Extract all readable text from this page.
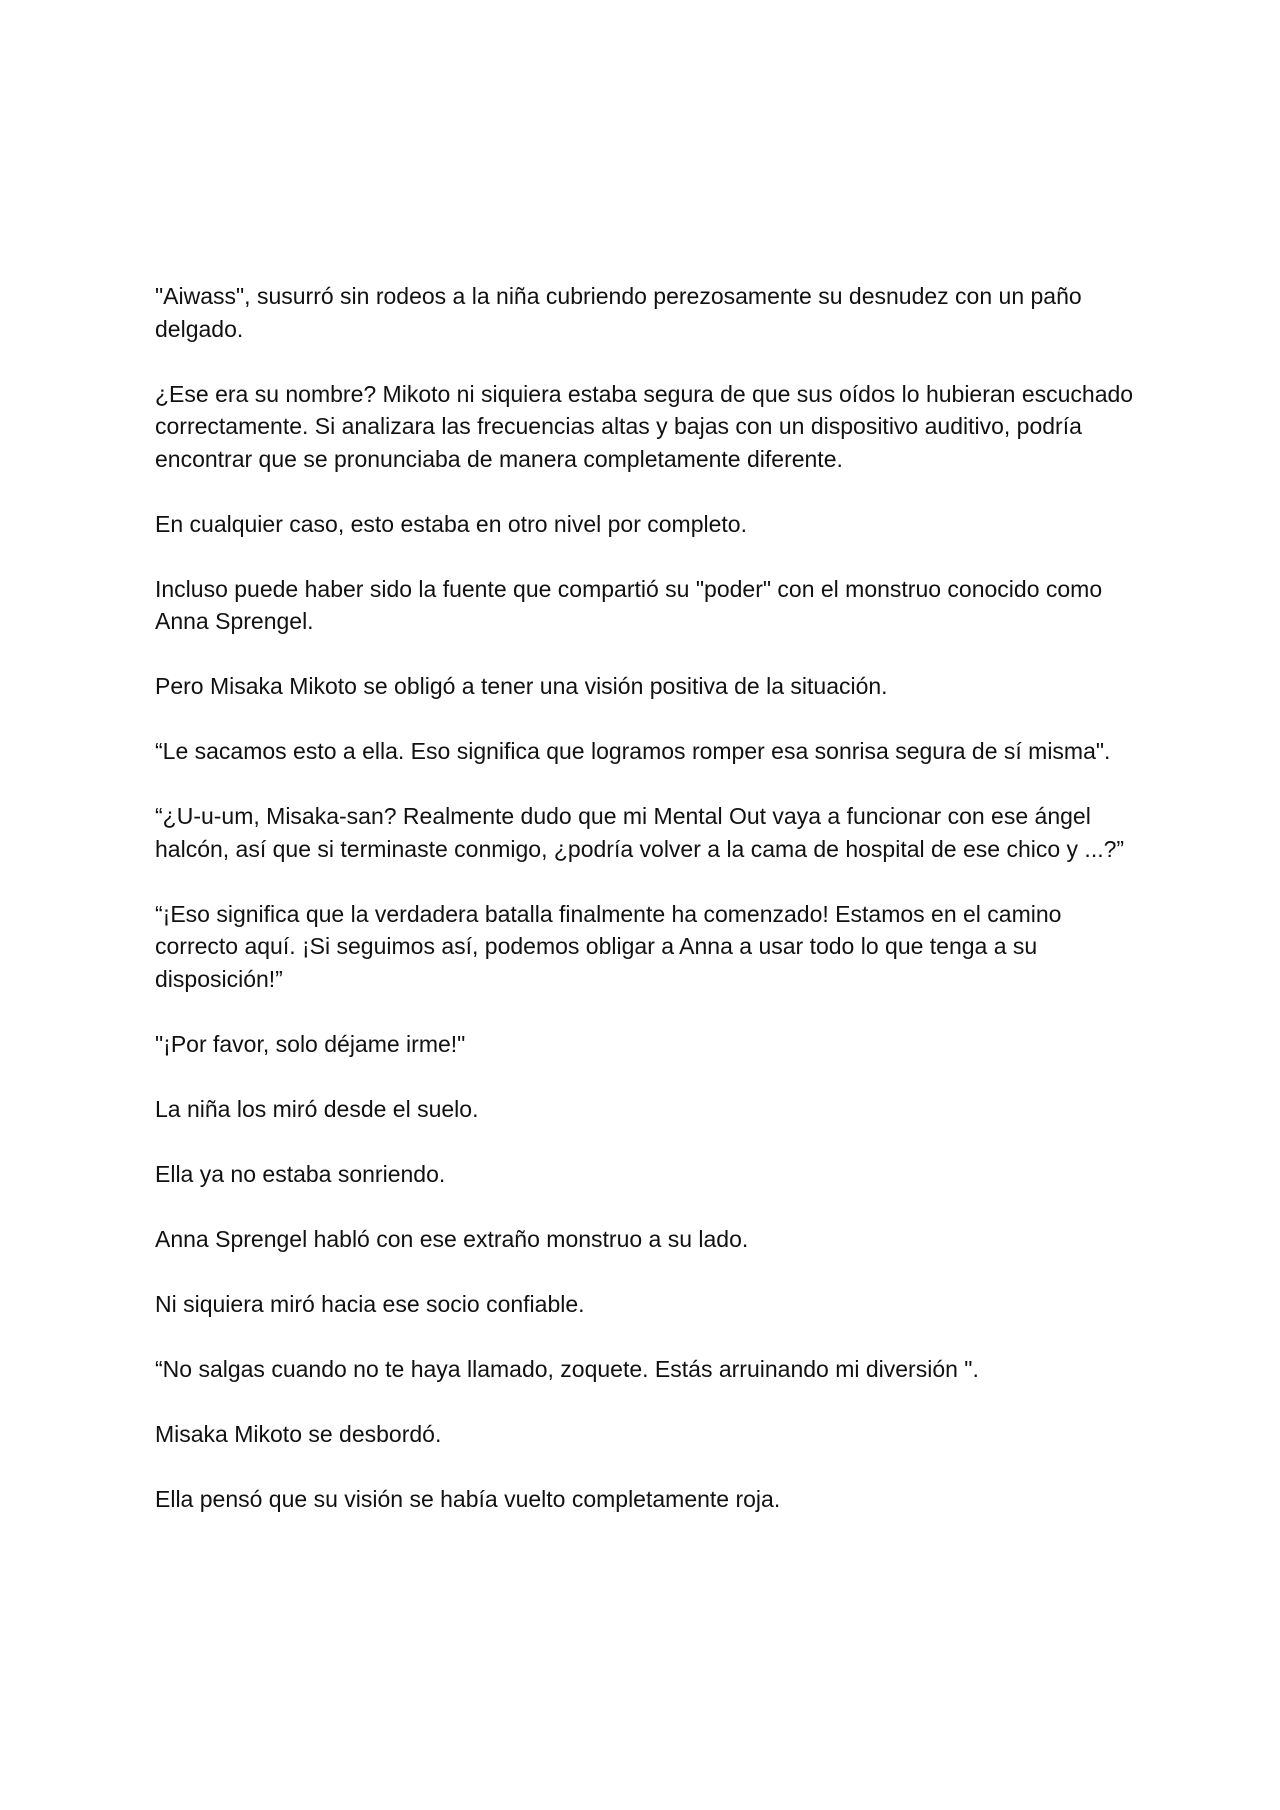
"Aiwass", susurró sin rodeos a la niña cubriendo perezosamente su desnudez con un paño delgado.

¿Ese era su nombre? Mikoto ni siquiera estaba segura de que sus oídos lo hubieran escuchado correctamente. Si analizara las frecuencias altas y bajas con un dispositivo auditivo, podría encontrar que se pronunciaba de manera completamente diferente.

En cualquier caso, esto estaba en otro nivel por completo.

Incluso puede haber sido la fuente que compartió su "poder" con el monstruo conocido como Anna Sprengel.

Pero Misaka Mikoto se obligó a tener una visión positiva de la situación.

“Le sacamos esto a ella. Eso significa que logramos romper esa sonrisa segura de sí misma".

“¿U-u-um, Misaka-san? Realmente dudo que mi Mental Out vaya a funcionar con ese ángel halcón, así que si terminaste conmigo, ¿podría volver a la cama de hospital de ese chico y ...?”

“¡Eso significa que la verdadera batalla finalmente ha comenzado! Estamos en el camino correcto aquí. ¡Si seguimos así, podemos obligar a Anna a usar todo lo que tenga a su disposición!”

"¡Por favor, solo déjame irme!"

La niña los miró desde el suelo.

Ella ya no estaba sonriendo.

Anna Sprengel habló con ese extraño monstruo a su lado.

Ni siquiera miró hacia ese socio confiable.

“No salgas cuando no te haya llamado, zoquete. Estás arruinando mi diversión ".

Misaka Mikoto se desbordó.

Ella pensó que su visión se había vuelto completamente roja.
